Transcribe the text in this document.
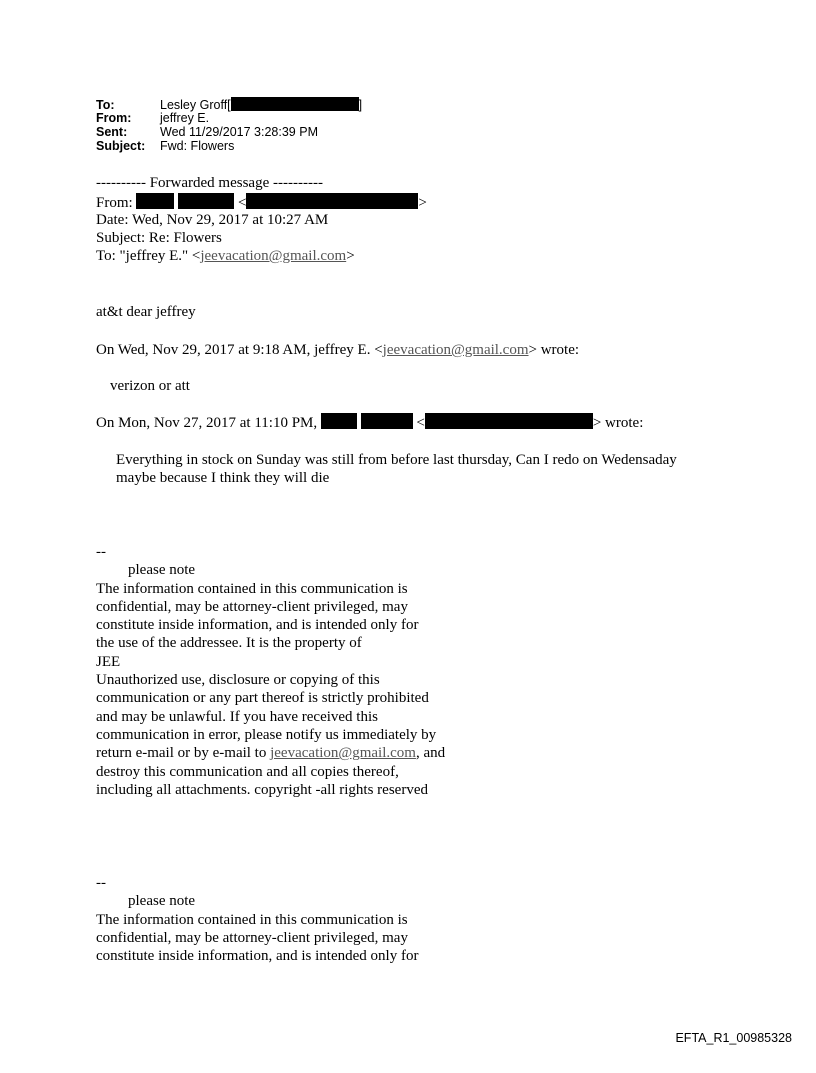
To:	Lesley Groff[	]
From: jeffrey E.
Sent:	Wed 11/29/2017 3:28:39 PM
Subject: Fwd: Flowers
---------- Forwarded message ----------
From:	<	>
Date: Wed, Nov 29, 2017 at 10:27 AM
Subject: Re: Flowers
To: "jeffrey E." <jeevacation@gmail.com>
at&t dear jeffrey
On Wed, Nov 29, 2017 at 9:18 AM, jeffrey E. <jeevacation@gmail.com> wrote:
verizon or att
On Mon, Nov 27, 2017 at 11:10 PM,	<	> wrote:
Everything in stock on Sunday was still from before last thursday, Can I redo on Wedensaday
maybe because I think they will die
--
please note
The information contained in this communication is
confidential, may be attorney-client privileged, may
constitute inside information, and is intended only for
the use of the addressee. It is the property of
JEE
Unauthorized use, disclosure or copying of this
communication or any part thereof is strictly prohibited
and may be unlawful. If you have received this
communication in error, please notify us immediately by
return e-mail or by e-mail to jeevacation@gmail.com, and
destroy this communication and all copies thereof,
including all attachments. copyright -all rights reserved
--
please note
The information contained in this communication is
confidential, may be attorney-client privileged, may
constitute inside information, and is intended only for
EFTA_R1_00985328
